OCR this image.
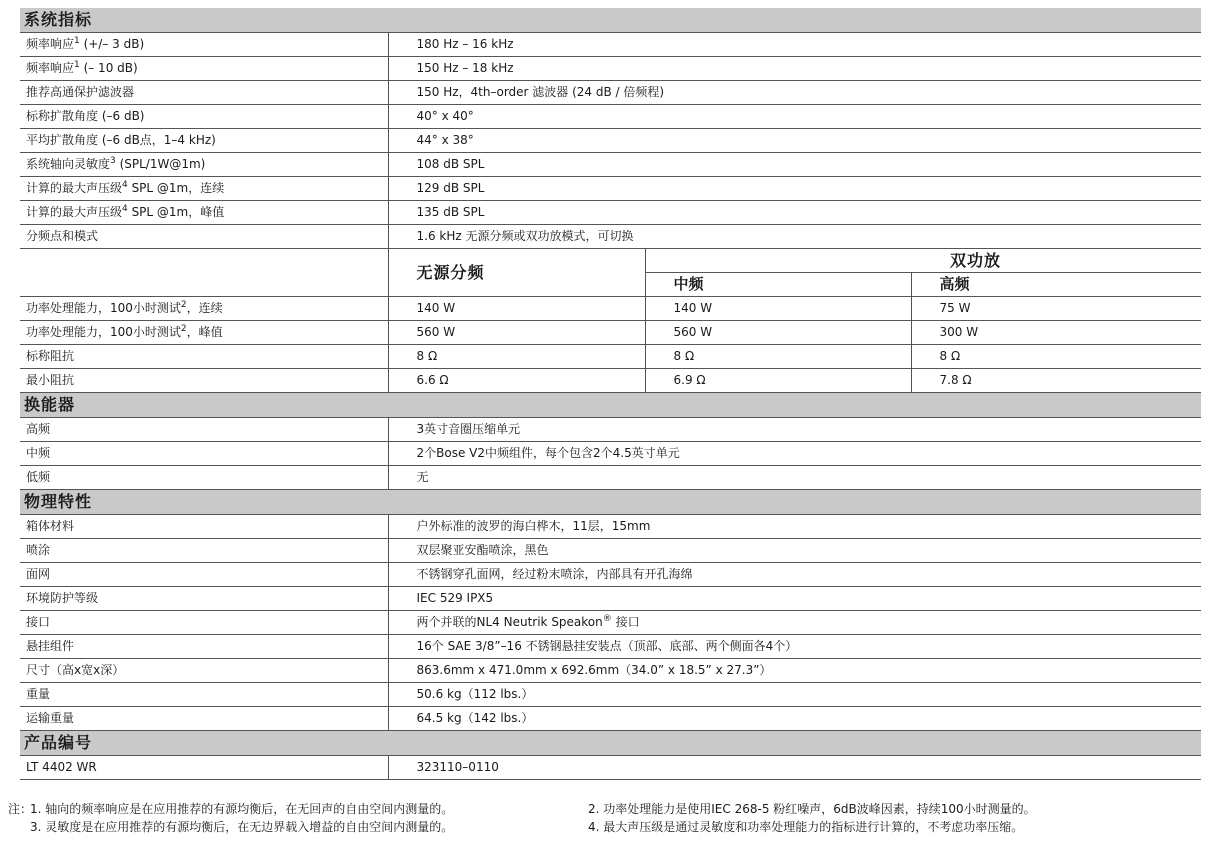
系统指标			
频率响应$^1$ (+/– 3 dB)	180 Hz – 16 kHz		
频率响应$^1$ (– 10 dB)	150 Hz – 18 kHz		
推荐高通保护滤波器	150 Hz，4th–order 滤波器 (24 dB / 倍频程)		
标称扩散角度 (–6 dB)	40° x 40°		
平均扩散角度 (–6 dB点，1–4 kHz)	44° x 38°		
系统轴向灵敏度$^3$ (SPL/1W@1m)	108 dB SPL		
计算的最大声压级$^4$ SPL @1m，连续	129 dB SPL		
计算的最大声压级$^4$ SPL @1m，峰值	135 dB SPL		
分频点和模式	1.6 kHz 无源分频或双功放模式，可切换		
	无源分频	双功放	
		中频	高频
功率处理能力，100小时测试$^2$，连续	140 W	140 W	75 W
功率处理能力，100小时测试$^2$，峰值	560 W	560 W	300 W
标称阻抗	8 Ω	8 Ω	8 Ω
最小阻抗	6.6 Ω	6.9 Ω	7.8 Ω
换能器			
高频	3英寸音圈压缩单元		
中频	2个Bose V2中频组件，每个包含2个4.5英寸单元		
低频	无		
物理特性			
箱体材料	户外标准的波罗的海白桦木，11层，15mm		
喷涂	双层聚亚安酯喷涂，黑色		
面网	不锈钢穿孔面网，经过粉末喷涂，内部具有开孔海绵		
环境防护等级	IEC 529 IPX5		
接口	两个并联的NL4 Neutrik Speakon® 接口		
悬挂组件	16个 SAE 3/8”–16 不锈钢悬挂安装点（顶部、底部、两个侧面各4个）		
尺寸（高x宽x深）	863.6mm x 471.0mm x 692.6mm（34.0” x 18.5” x 27.3”）		
重量	50.6 kg（112 lbs.）		
运输重量	64.5 kg（142 lbs.）		
产品编号			
LT 4402 WR	323110–0110		
注：1. 轴向的频率响应是在应用推荐的有源均衡后，在无回声的自由空间内测量的。	2. 功率处理能力是使用IEC 268-5 粉红噪声，6dB波峰因素，持续100小时测量的。
3. 灵敏度是在应用推荐的有源均衡后，在无边界载入增益的自由空间内测量的。	4. 最大声压级是通过灵敏度和功率处理能力的指标进行计算的，不考虑功率压缩。
